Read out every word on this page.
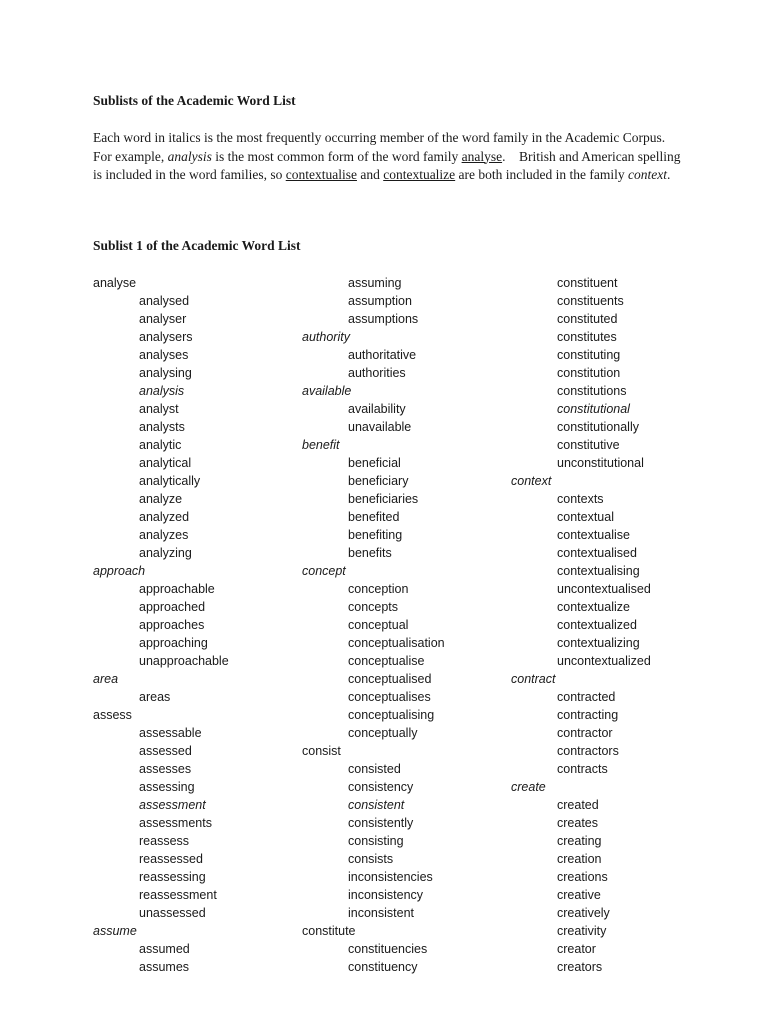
Sublists of the Academic Word List

Each word in italics is the most frequently occurring member of the word family in the Academic Corpus.    For example, analysis is the most common form of the word family analyse.    British and American spelling is included in the word families, so contextualise and contextualize are both included in the family context.

Sublist 1 of the Academic Word List
analyse
analysed
analyser
analysers
analyses
analysing
analysis
analyst
analysts
analytic
analytical
analytically
analyze
analyzed
analyzes
analyzing
approach
approachable
approached
approaches
approaching
unapproachable
area
areas
assess
assessable
assessed
assesses
assessing
assessment
assessments
reassess
reassessed
reassessing
reassessment
unassessed
assume
assumed
assumes
assuming
assumption
assumptions
authority
authoritative
authorities
available
availability
unavailable
benefit
beneficial
beneficiary
beneficiaries
benefited
benefiting
benefits
concept
conception
concepts
conceptual
conceptualisation
conceptualise
conceptualised
conceptualises
conceptualising
conceptually
consist
consisted
consistency
consistent
consistently
consisting
consists
inconsistencies
inconsistency
inconsistent
constitute
constituencies
constituency
constituent
constituents
constituted
constitutes
constituting
constitution
constitutions
constitutional
constitutionally
constitutive
unconstitutional
context
contexts
contextual
contextualise
contextualised
contextualising
uncontextualised
contextualize
contextualized
contextualizing
uncontextualized
contract
contracted
contracting
contractor
contractors
contracts
create
created
creates
creating
creation
creations
creative
creatively
creativity
creator
creators
